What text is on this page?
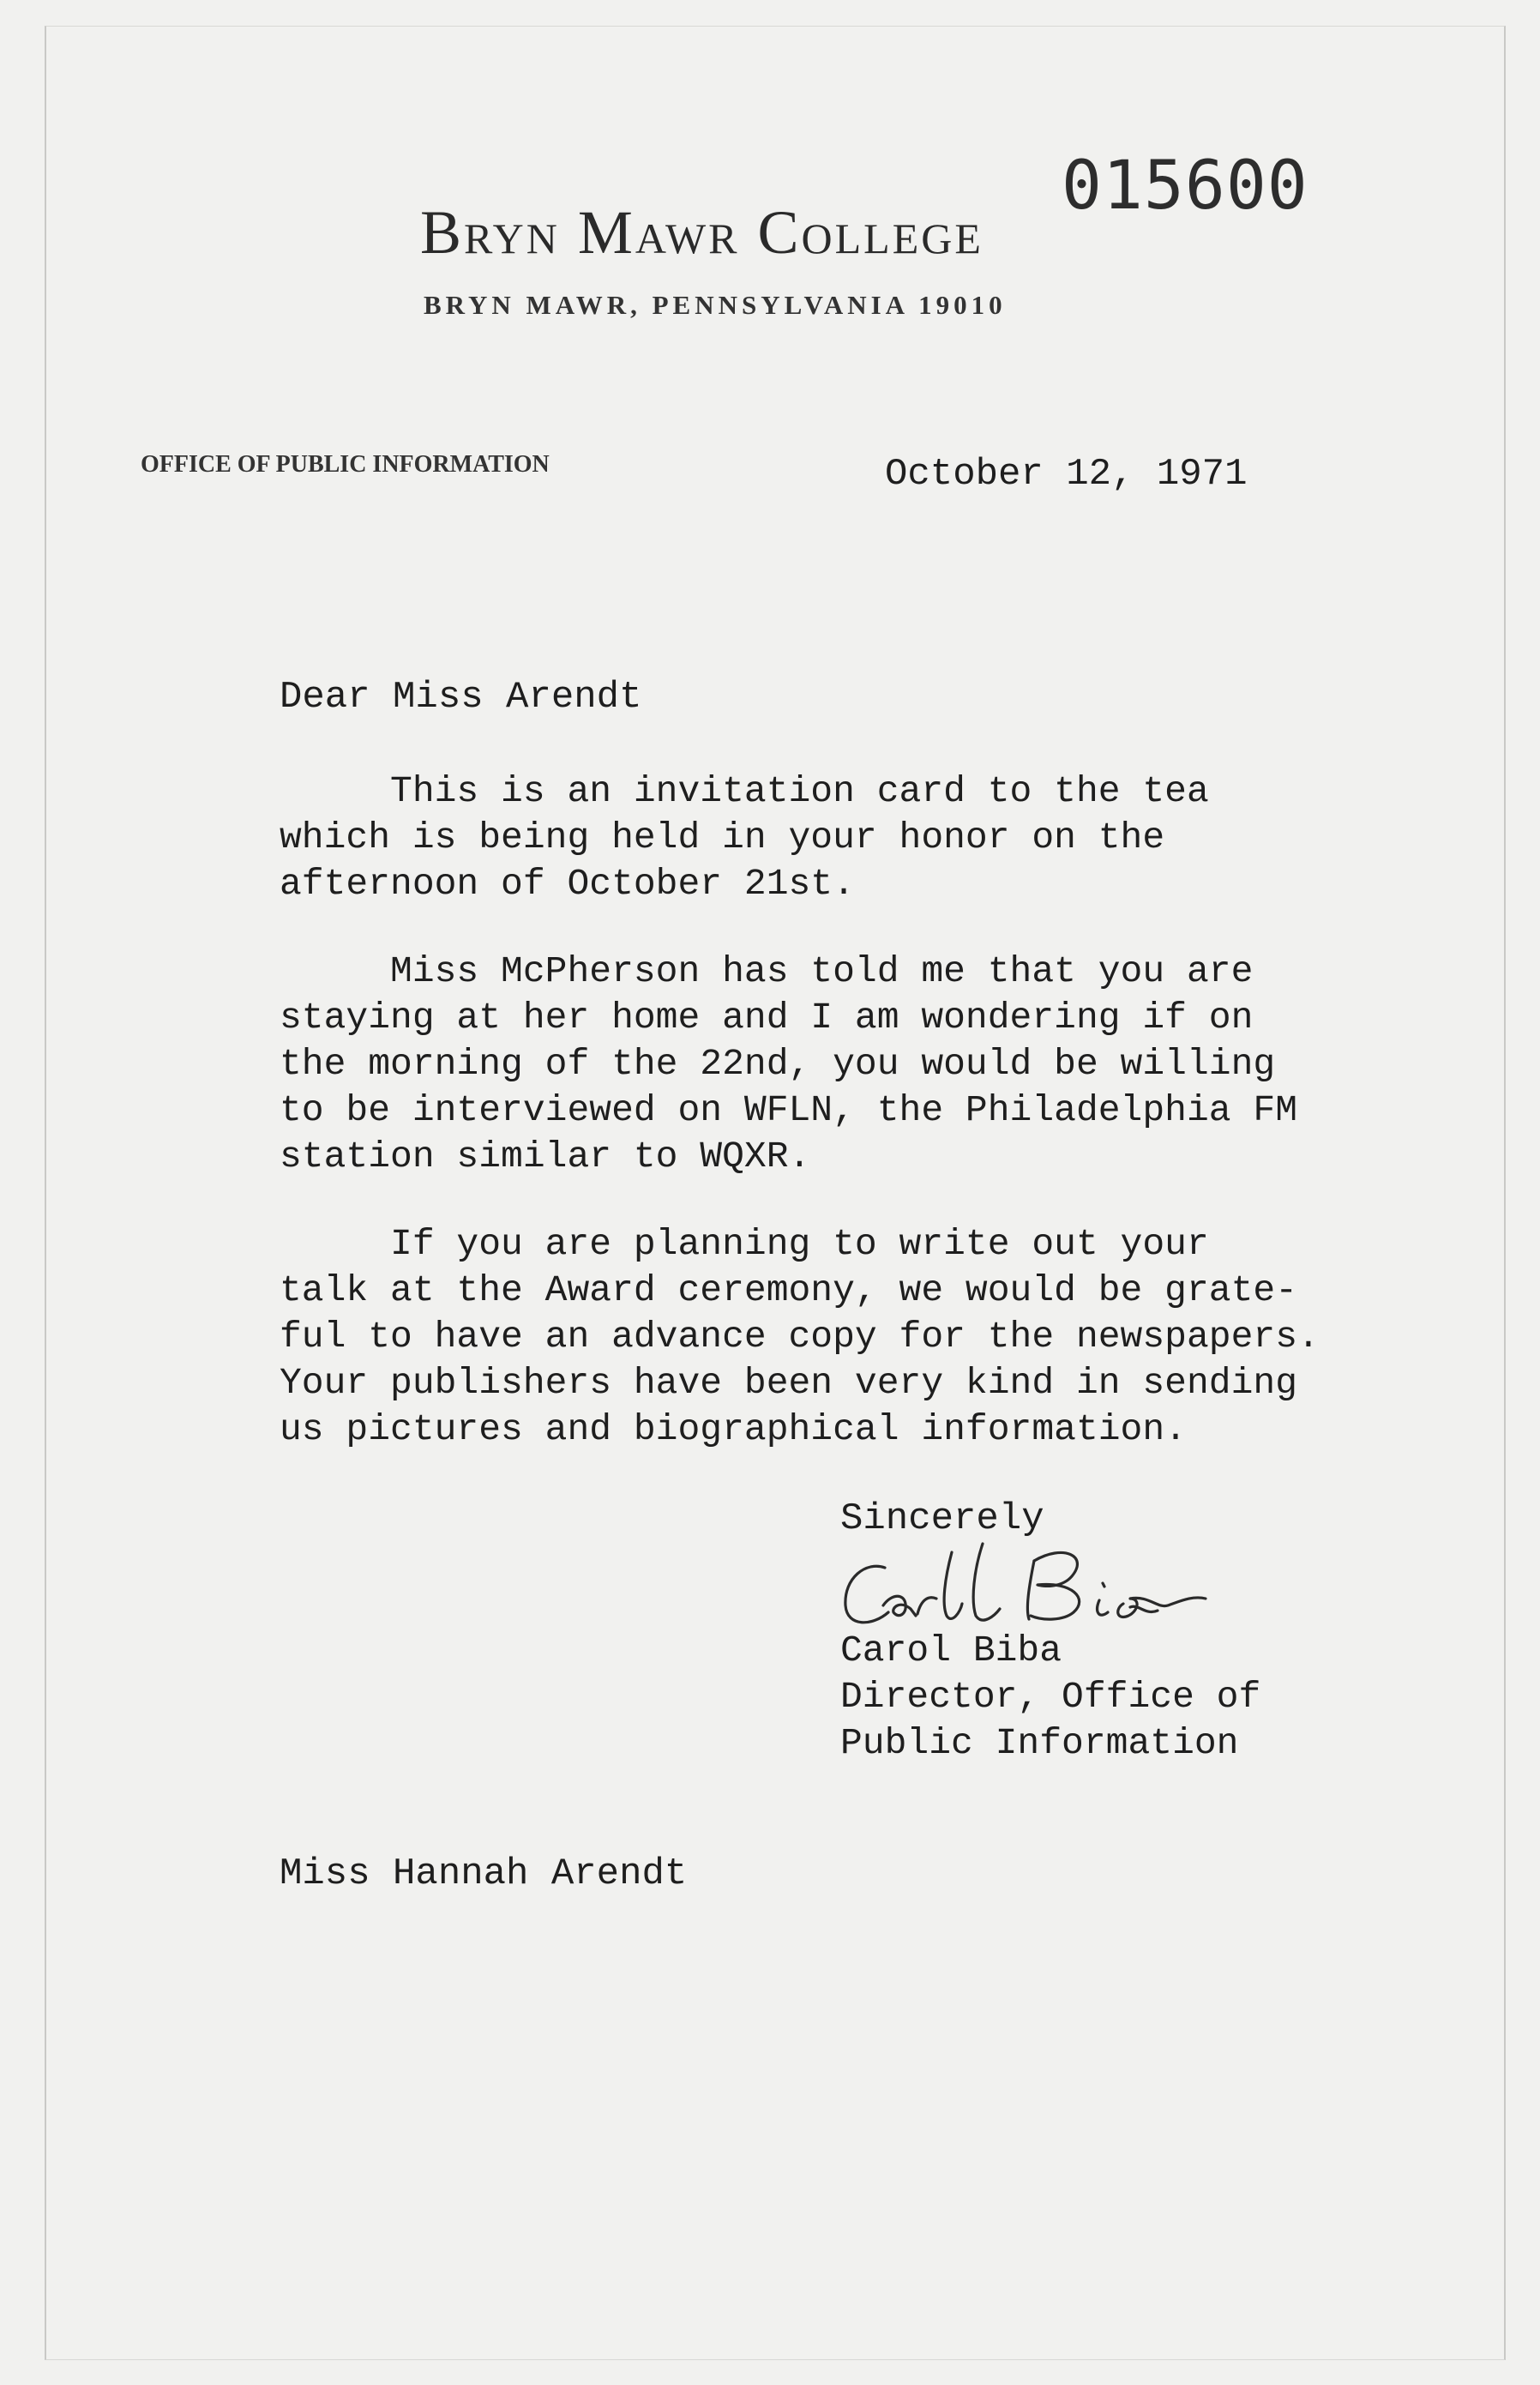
015600
Bryn Mawr College
BRYN MAWR, PENNSYLVANIA 19010
OFFICE OF PUBLIC INFORMATION	October 12, 1971
Dear Miss Arendt
This is an invitation card to the tea
which is being held in your honor on the
afternoon of October 21st.
Miss McPherson has told me that you are
staying at her home and I am wondering if on
the morning of the 22nd, you would be willing
to be interviewed on WFLN, the Philadelphia FM
station similar to WQXR.
If you are planning to write out your
talk at the Award ceremony, we would be grate-
ful to have an advance copy for the newspapers.
Your publishers have been very kind in sending
us pictures and biographical information.
Sincerely
Carol Biba
Director, Office of
Public Information
Miss Hannah Arendt
